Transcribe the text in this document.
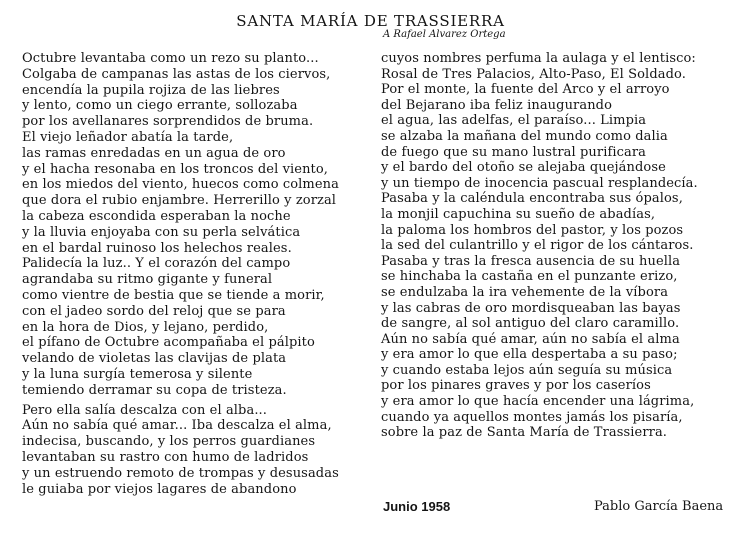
SANTA MARÍA DE TRASSIERRA
A Rafael Alvarez Ortega
Octubre levantaba como un rezo su planto...
Colgaba de campanas las astas de los ciervos,
encendía la pupila rojiza de las liebres
y lento, como un ciego errante, sollozaba
por los avellanares sorprendidos de bruma.
El viejo leñador abatía la tarde,
las ramas enredadas en un agua de oro
y el hacha resonaba en los troncos del viento,
en los miedos del viento, huecos como colmena
que dora el rubio enjambre. Herrerillo y zorzal
la cabeza escondida esperaban la noche
y la lluvia enjoyaba con su perla selvática
en el bardal ruinoso los helechos reales.
Palidecía la luz.. Y el corazón del campo
agrandaba su ritmo gigante y funeral
como vientre de bestia que se tiende a morir,
con el jadeo sordo del reloj que se para
en la hora de Dios, y lejano, perdido,
el pífano de Octubre acompañaba el pálpito
velando de violetas las clavijas de plata
y la luna surgía temerosa y silente
temiendo derramar su copa de tristeza.
Pero ella salía descalza con el alba...
Aún no sabía qué amar... Iba descalza el alma,
indecisa, buscando, y los perros guardianes
levantaban su rastro con humo de ladridos
y un estruendo remoto de trompas y desusadas
le guiaba por viejos lagares de abandono
cuyos nombres perfuma la aulaga y el lentisco:
Rosal de Tres Palacios, Alto-Paso, El Soldado.
Por el monte, la fuente del Arco y el arroyo
del Bejarano iba feliz inaugurando
el agua, las adelfas, el paraíso... Limpia
se alzaba la mañana del mundo como dalia
de fuego que su mano lustral purificara
y el bardo del otoño se alejaba quejándose
y un tiempo de inocencia pascual resplandecía.
Pasaba y la caléndula encontraba sus ópalos,
la monjil capuchina su sueño de abadías,
la paloma los hombros del pastor, y los pozos
la sed del culantrillo y el rigor de los cántaros.
Pasaba y tras la fresca ausencia de su huella
se hinchaba la castaña en el punzante erizo,
se endulzaba la ira vehemente de la víbora
y las cabras de oro mordisqueaban las bayas
de sangre, al sol antiguo del claro caramillo.
Aún no sabía qué amar, aún no sabía el alma
y era amor lo que ella despertaba a su paso;
y cuando estaba lejos aún seguía su música
por los pinares graves y por los caseríos
y era amor lo que hacía encender una lágrima,
cuando ya aquellos montes jamás los pisaría,
sobre la paz de Santa María de Trassierra.
Junio 1958	Pablo García Baena
